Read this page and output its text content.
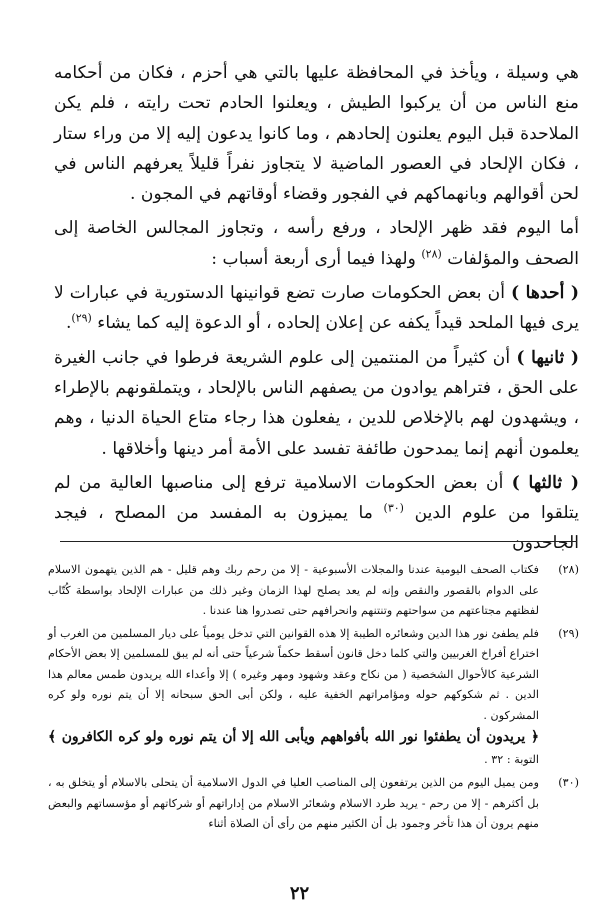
هي وسيلة ، ويأخذ في المحافظة عليها بالتي هي أحزم ، فكان من أحكامه منع الناس من أن يركبوا الطيش ، ويعلنوا الحادم تحت رايته ، فلم يكن الملاحدة قبل اليوم يعلنون إلحادهم ، وما كانوا يدعون إليه إلا من وراء ستار ، فكان الإلحاد في العصور الماضية لا يتجاوز نفراً قليلاً يعرفهم الناس في لحن أقوالهم وبانهماكهم في الفجور وقضاء أوقاتهم في المجون .

أما اليوم فقد ظهر الإلحاد ، ورفع رأسه ، وتجاوز المجالس الخاصة إلى الصحف والمؤلفات $^{(٢٨)}$ ولهذا فيما أرى أربعة أسباب :

( أحدها ) أن بعض الحكومات صارت تضع قوانينها الدستورية في عبارات لا يرى فيها الملحد قيداً يكفه عن إعلان إلحاده ، أو الدعوة إليه كما يشاء $^{(٢٩)}$.

( ثانيها ) أن كثيراً من المنتمين إلى علوم الشريعة فرطوا في جانب الغيرة على الحق ، فتراهم يوادون من يصفهم الناس بالإلحاد ، ويتملقونهم بالإطراء ، ويشهدون لهم بالإخلاص للدين ، يفعلون هذا رجاء متاع الحياة الدنيا ، وهم يعلمون أنهم إنما يمدحون طائفة تفسد على الأمة أمر دينها وأخلاقها .

( ثالثها ) أن بعض الحكومات الاسلامية ترفع إلى مناصبها العالية من لم يتلقوا من علوم الدين $^{(٣٠)}$ ما يميزون به المفسد من المصلح ، فيجد الجاحدون

(٢٨)

فكتاب الصحف اليومية عندنا والمجلات الأسبوعية - إلا من رحم ربك وهم قليل - هم الذين يتهمون الاسلام على الدوام بالقصور والنقص وإنه لم يعد يصلح لهذا الزمان وغير ذلك من عبارات الإلحاد بواسطة كُتّاب لفظتهم مجتاعتهم من سواحتهم وتنتنهم وانحرافهم حتى تصدروا هنا عندنا .

(٢٩)

فلم يطفئ نور هذا الدين وشعائره الطيبة إلا هذه القوانين التي تدخل يومياً على ديار المسلمين من الغرب أو اختراع أفراخ الغربيين والتي كلما دخل قانون أسقط حكماً شرعياً حتى أنه لم يبق للمسلمين إلا بعض الأحكام الشرعية كالأحوال الشخصية ( من نكاح وعقد وشهود ومهر وغيره ) إلا وأعداء الله يريدون طمس معالم هذا الدين . ثم شكوكهم حوله ومؤامراتهم الخفية عليه ، ولكن أبى الحق سبحانه إلا أن يتم نوره ولو كره المشركون .

﴿ يريدون أن يطفئوا نور الله بأفواههم ويأبى الله إلا أن يتم نوره ولو كره الكافرون ﴾ التوبة : ٣٢ .

(٣٠)

ومن يميل اليوم من الذين يرتفعون إلى المناصب العليا في الدول الاسلامية أن يتحلى بالاسلام أو يتخلق به ، بل أكثرهم - إلا من رحم - يريد طرد الاسلام وشعائر الاسلام من إداراتهم أو شركاتهم أو مؤسساتهم والبعض منهم يرون أن هذا تأخر وجمود بل أن الكثير منهم من رأى أن الصلاة أثناء

٢٢
